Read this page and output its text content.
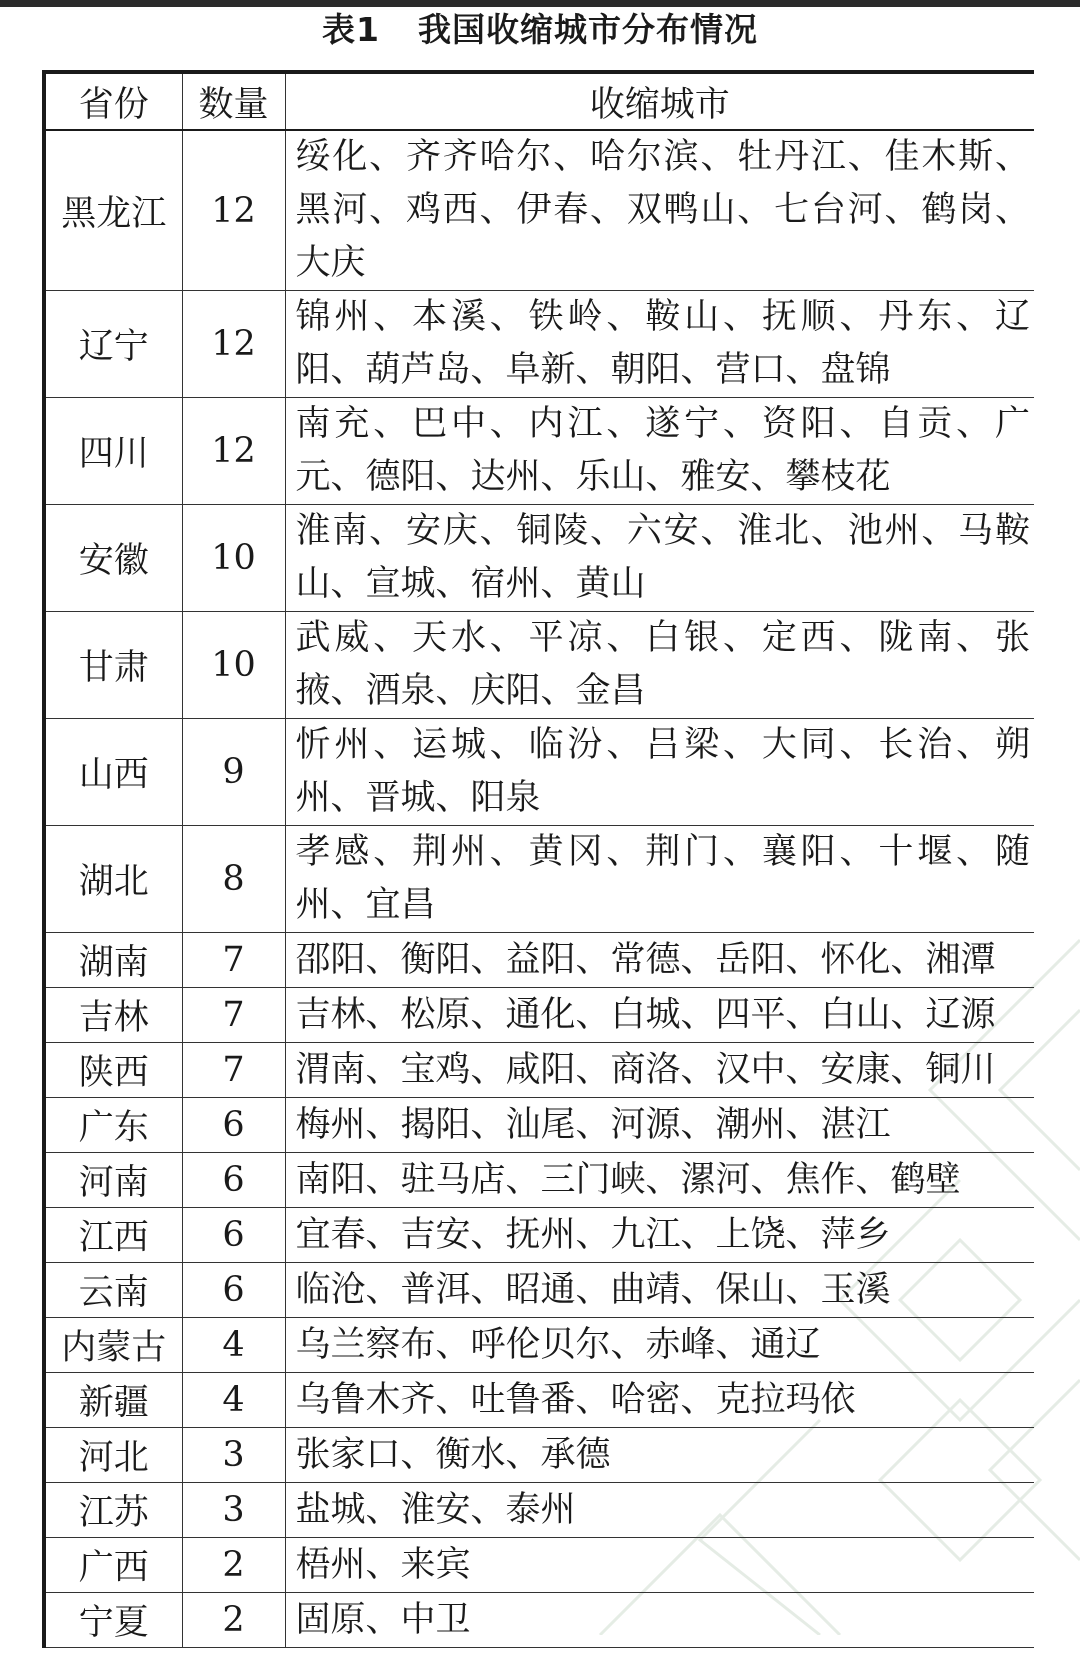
表1 我国收缩城市分布情况
省份	数量	收缩城市
黑龙江	12	绥化、齐齐哈尔、哈尔滨、牡丹江、佳木斯、黑河、鸡西、伊春、双鸭山、七台河、鹤岗、大庆
辽宁	12	锦州、本溪、铁岭、鞍山、抚顺、丹东、辽阳、葫芦岛、阜新、朝阳、营口、盘锦
四川	12	南充、巴中、内江、遂宁、资阳、自贡、广元、德阳、达州、乐山、雅安、攀枝花
安徽	10	淮南、安庆、铜陵、六安、淮北、池州、马鞍山、宣城、宿州、黄山
甘肃	10	武威、天水、平凉、白银、定西、陇南、张掖、酒泉、庆阳、金昌
山西	9	忻州、运城、临汾、吕梁、大同、长治、朔州、晋城、阳泉
湖北	8	孝感、荆州、黄冈、荆门、襄阳、十堰、随州、宜昌
湖南	7	邵阳、衡阳、益阳、常德、岳阳、怀化、湘潭
吉林	7	吉林、松原、通化、白城、四平、白山、辽源
陕西	7	渭南、宝鸡、咸阳、商洛、汉中、安康、铜川
广东	6	梅州、揭阳、汕尾、河源、潮州、湛江
河南	6	南阳、驻马店、三门峡、漯河、焦作、鹤壁
江西	6	宜春、吉安、抚州、九江、上饶、萍乡
云南	6	临沧、普洱、昭通、曲靖、保山、玉溪
内蒙古	4	乌兰察布、呼伦贝尔、赤峰、通辽
新疆	4	乌鲁木齐、吐鲁番、哈密、克拉玛依
河北	3	张家口、衡水、承德
江苏	3	盐城、淮安、泰州
广西	2	梧州、来宾
宁夏	2	固原、中卫
